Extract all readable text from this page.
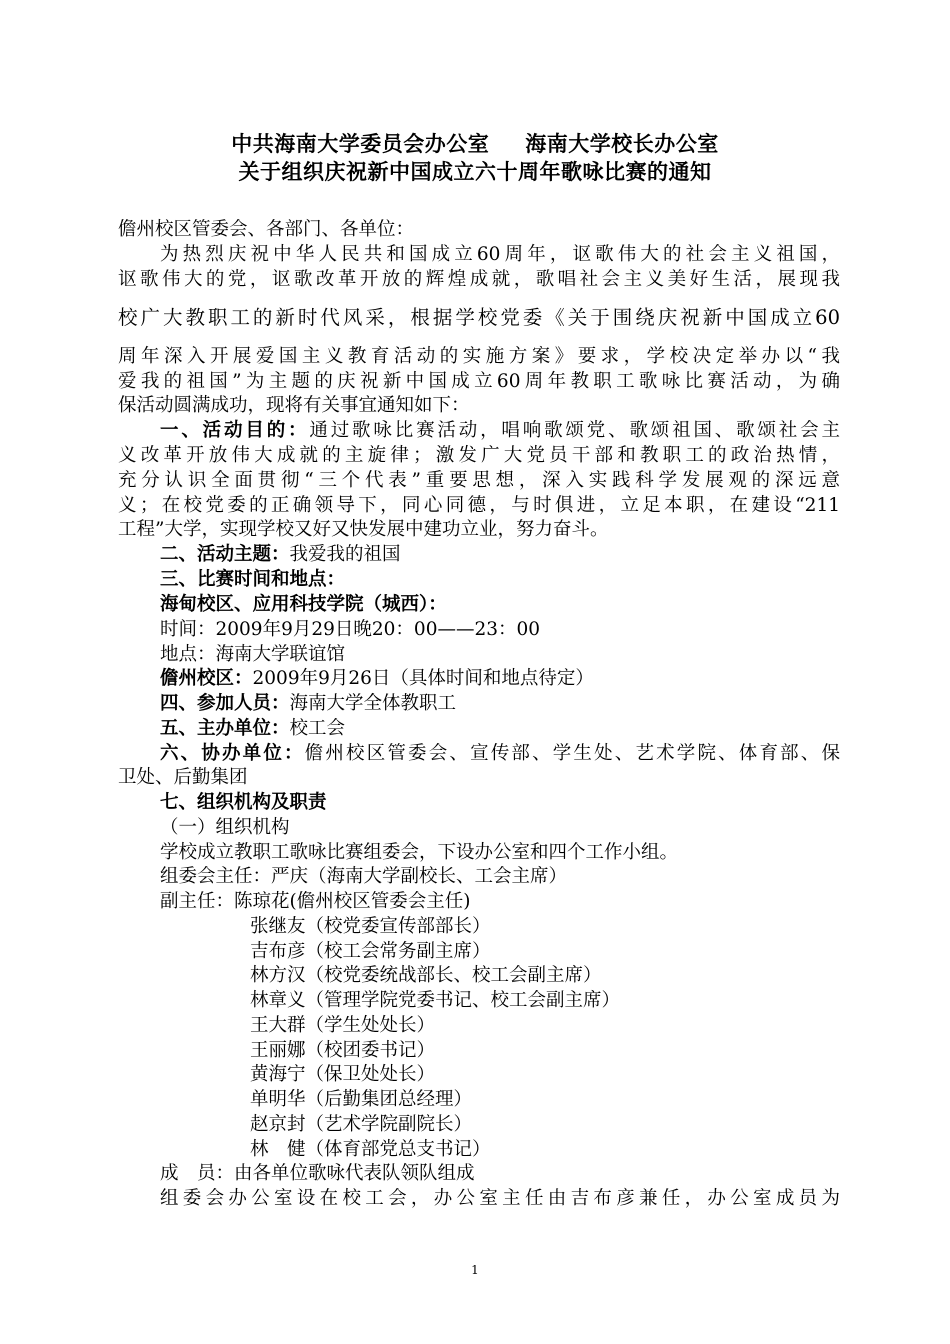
中共海南大学委员会办公室 海南大学校长办公室
关于组织庆祝新中国成立六十周年歌咏比赛的通知
儋州校区管委会、各部门、各单位：
为热烈庆祝中华人民共和国成立60周年，讴歌伟大的社会主义祖国，
讴歌伟大的党，讴歌改革开放的辉煌成就，歌唱社会主义美好生活，展现我
校广大教职工的新时代风采，根据学校党委《关于围绕庆祝新中国成立60
周年深入开展爱国主义教育活动的实施方案》要求，学校决定举办以“我
爱我的祖国”为主题的庆祝新中国成立60周年教职工歌咏比赛活动，为确
保活动圆满成功，现将有关事宜通知如下：
一、活动目的：通过歌咏比赛活动，唱响歌颂党、歌颂祖国、歌颂社会主
义改革开放伟大成就的主旋律；激发广大党员干部和教职工的政治热情，
充分认识全面贯彻“三个代表”重要思想，深入实践科学发展观的深远意
义；在校党委的正确领导下，同心同德，与时俱进，立足本职，在建设“211
工程”大学，实现学校又好又快发展中建功立业，努力奋斗。
二、活动主题：我爱我的祖国
三、比赛时间和地点：
海甸校区、应用科技学院（城西）：
时间：2009年9月29日晚20：00——23：00
地点：海南大学联谊馆
儋州校区：2009年9月26日（具体时间和地点待定）
四、参加人员：海南大学全体教职工
五、主办单位：校工会
六、协办单位：儋州校区管委会、宣传部、学生处、艺术学院、体育部、保
卫处、后勤集团
七、组织机构及职责
（一）组织机构
学校成立教职工歌咏比赛组委会，下设办公室和四个工作小组。
组委会主任：严庆（海南大学副校长、工会主席）
副主任：陈琼花(儋州校区管委会主任)
张继友（校党委宣传部部长）
吉布彦（校工会常务副主席）
林方汉（校党委统战部长、校工会副主席）
林章义（管理学院党委书记、校工会副主席）
王大群（学生处处长）
王丽娜（校团委书记）
黄海宁（保卫处处长）
单明华（后勤集团总经理）
赵京封（艺术学院副院长）
林　健（体育部党总支书记）
成　员：由各单位歌咏代表队领队组成
组委会办公室设在校工会，办公室主任由吉布彦兼任，办公室成员为
1
